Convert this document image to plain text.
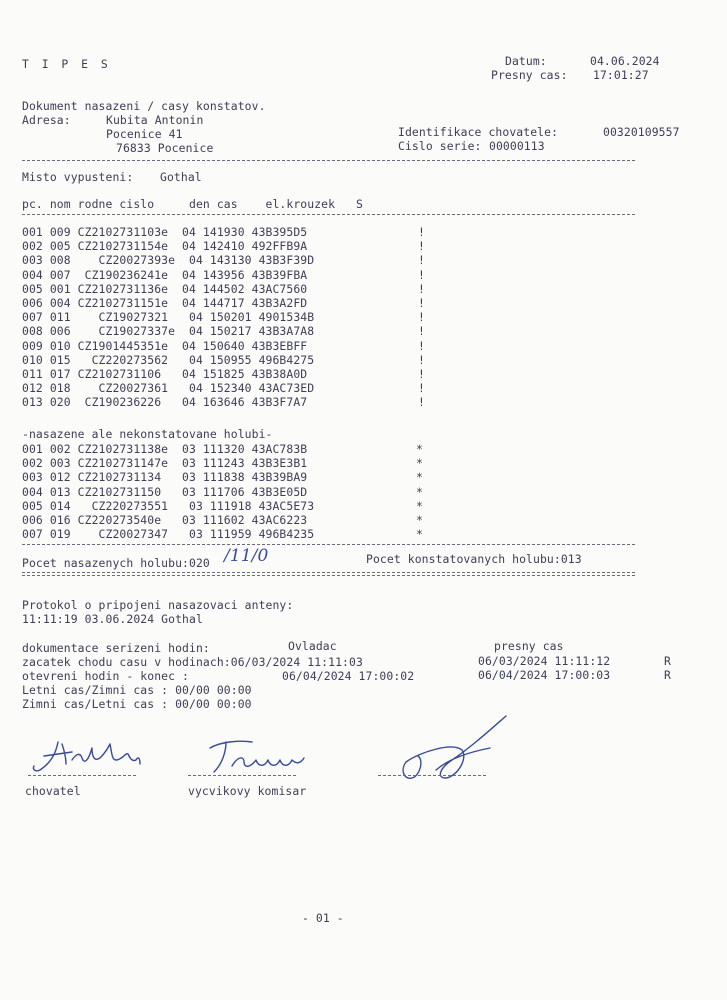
T I P E S	Datum:	04.06.2024
Presny cas: 17:01:27
Dokument nasazeni / casy konstatov.
Adresa:	Kubita Antonin
Pocenice 41
76833 Pocenice
Identifikace chovatele:	00320109557
Cislo serie: 00000113
Misto vypusteni: Gothal
pc. nom rodne cislo     den cas    el.krouzek   S
001 009 CZ2102731103e  04 141930 43B395D5	!
002 005 CZ2102731154e  04 142410 492FFB9A	!
003 008    CZ20027393e  04 143130 43B3F39D	!
004 007  CZ190236241e  04 143956 43B39FBA	!
005 001 CZ2102731136e  04 144502 43AC7560	!
006 004 CZ2102731151e  04 144717 43B3A2FD	!
007 011    CZ19027321   04 150201 4901534B	!
008 006    CZ19027337e  04 150217 43B3A7A8	!
009 010 CZ1901445351e  04 150640 43B3EBFF	!
010 015   CZ220273562   04 150955 496B4275	!
011 017 CZ2102731106   04 151825 43B38A0D	!
012 018    CZ20027361   04 152340 43AC73ED	!
013 020  CZ190236226   04 163646 43B3F7A7	!
-nasazene ale nekonstatovane holubi-
001 002 CZ2102731138e  03 111320 43AC783B	*
002 003 CZ2102731147e  03 111243 43B3E3B1	*
003 012 CZ2102731134   03 111838 43B39BA9	*
004 013 CZ2102731150   03 111706 43B3E05D	*
005 014   CZ220273551   03 111918 43AC5E73	*
006 016 CZ220273540e   03 111602 43AC6223	*
007 019    CZ20027347   03 111959 496B4235	*
Pocet nasazenych holubu:020 /11/0	Pocet konstatovanych holubu:013
Protokol o pripojeni nasazovaci anteny:
11:11:19 03.06.2024 Gothal
dokumentace serizeni hodin:	Ovladac	presny cas
zacatek chodu casu v hodinach:06/03/2024 11:11:03	06/03/2024 11:11:12	R
otevreni hodin - konec :	06/04/2024 17:00:02	06/04/2024 17:00:03	R
Letni cas/Zimni cas : 00/00 00:00
Zimni cas/Letni cas : 00/00 00:00
chovatel	vycvikovy komisar
- 01 -
